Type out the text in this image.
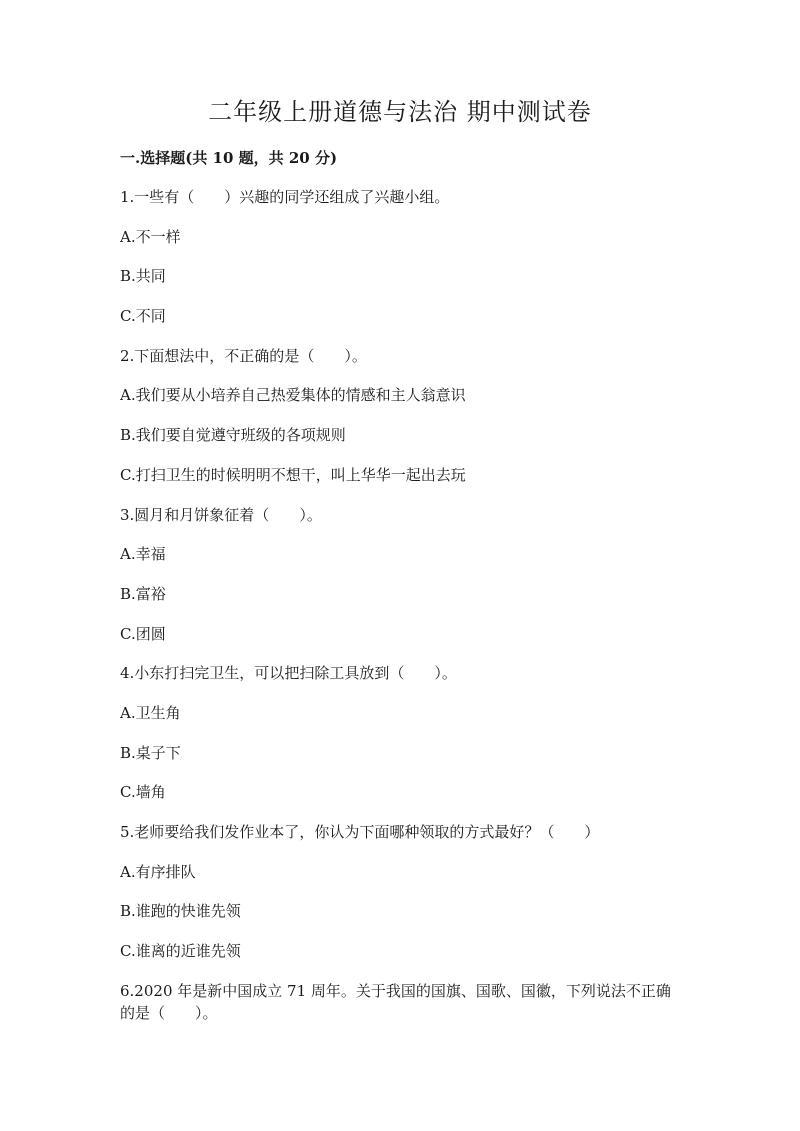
二年级上册道德与法治 期中测试卷
一.选择题(共 10 题，共 20 分)
1.一些有（　　）兴趣的同学还组成了兴趣小组。
A.不一样
B.共同
C.不同
2.下面想法中，不正确的是（　　）。
A.我们要从小培养自己热爱集体的情感和主人翁意识
B.我们要自觉遵守班级的各项规则
C.打扫卫生的时候明明不想干，叫上华华一起出去玩
3.圆月和月饼象征着（　　）。
A.幸福
B.富裕
C.团圆
4.小东打扫完卫生，可以把扫除工具放到（　　）。
A.卫生角
B.桌子下
C.墙角
5.老师要给我们发作业本了，你认为下面哪种领取的方式最好？（　　）
A.有序排队
B.谁跑的快谁先领
C.谁离的近谁先领
6.2020 年是新中国成立 71 周年。关于我国的国旗、国歌、国徽，下列说法不正确的是（　　）。
